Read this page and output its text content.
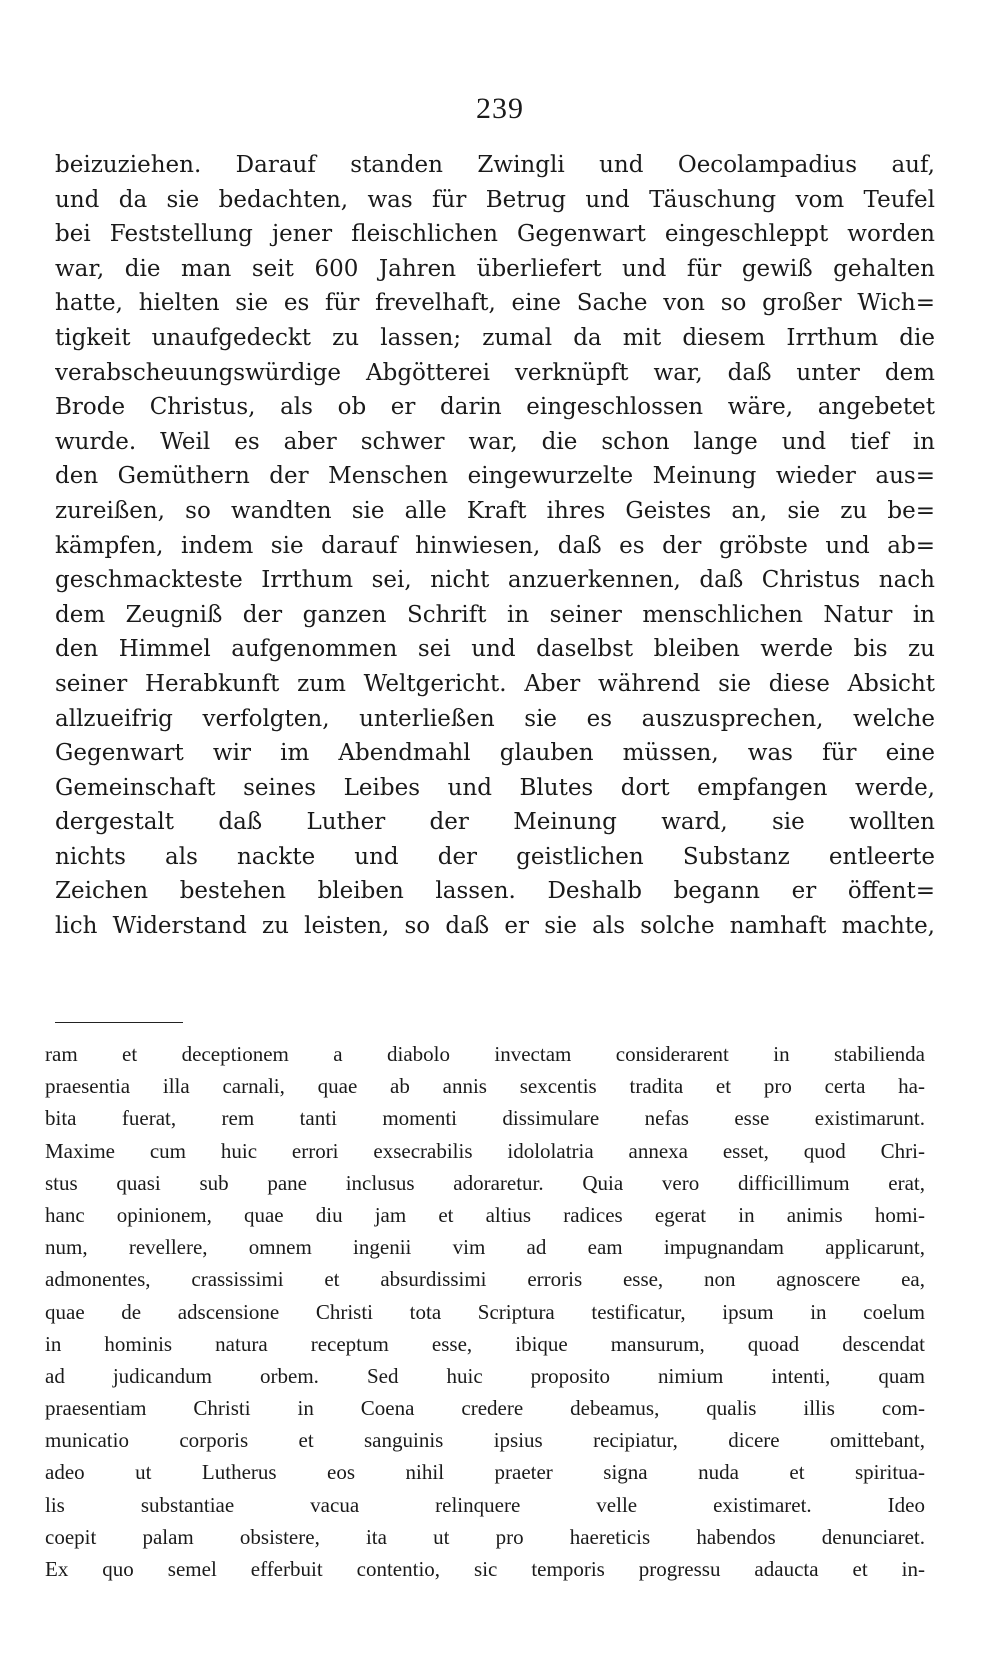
239
beizuziehen. Darauf standen Zwingli und Oecolampadius auf,
und da sie bedachten, was für Betrug und Täuschung vom Teufel
bei Feststellung jener fleischlichen Gegenwart eingeschleppt worden
war, die man seit 600 Jahren überliefert und für gewiß gehalten
hatte, hielten sie es für frevelhaft, eine Sache von so großer Wich=
tigkeit unaufgedeckt zu lassen; zumal da mit diesem Irrthum die
verabscheuungswürdige Abgötterei verknüpft war, daß unter dem
Brode Christus, als ob er darin eingeschlossen wäre, angebetet
wurde. Weil es aber schwer war, die schon lange und tief in
den Gemüthern der Menschen eingewurzelte Meinung wieder aus=
zureißen, so wandten sie alle Kraft ihres Geistes an, sie zu be=
kämpfen, indem sie darauf hinwiesen, daß es der gröbste und ab=
geschmackteste Irrthum sei, nicht anzuerkennen, daß Christus nach
dem Zeugniß der ganzen Schrift in seiner menschlichen Natur in
den Himmel aufgenommen sei und daselbst bleiben werde bis zu
seiner Herabkunft zum Weltgericht. Aber während sie diese Absicht
allzueifrig verfolgten, unterließen sie es auszusprechen, welche
Gegenwart wir im Abendmahl glauben müssen, was für eine
Gemeinschaft seines Leibes und Blutes dort empfangen werde,
dergestalt daß Luther der Meinung ward, sie wollten
nichts als nackte und der geistlichen Substanz entleerte
Zeichen bestehen bleiben lassen. Deshalb begann er öffent=
lich Widerstand zu leisten, so daß er sie als solche namhaft machte,
ram et deceptionem a diabolo invectam considerarent in stabilienda
praesentia illa carnali, quae ab annis sexcentis tradita et pro certa ha-
bita fuerat, rem tanti momenti dissimulare nefas esse existimarunt.
Maxime cum huic errori exsecrabilis idololatria annexa esset, quod Chri-
stus quasi sub pane inclusus adoraretur. Quia vero difficillimum erat,
hanc opinionem, quae diu jam et altius radices egerat in animis homi-
num, revellere, omnem ingenii vim ad eam impugnandam applicarunt,
admonentes, crassissimi et absurdissimi erroris esse, non agnoscere ea,
quae de adscensione Christi tota Scriptura testificatur, ipsum in coelum
in hominis natura receptum esse, ibique mansurum, quoad descendat
ad judicandum orbem. Sed huic proposito nimium intenti, quam
praesentiam Christi in Coena credere debeamus, qualis illis com-
municatio corporis et sanguinis ipsius recipiatur, dicere omittebant,
adeo ut Lutherus eos nihil praeter signa nuda et spiritua-
lis substantiae vacua relinquere velle existimaret. Ideo
coepit palam obsistere, ita ut pro haereticis habendos denunciaret.
Ex quo semel efferbuit contentio, sic temporis progressu adaucta et in-
